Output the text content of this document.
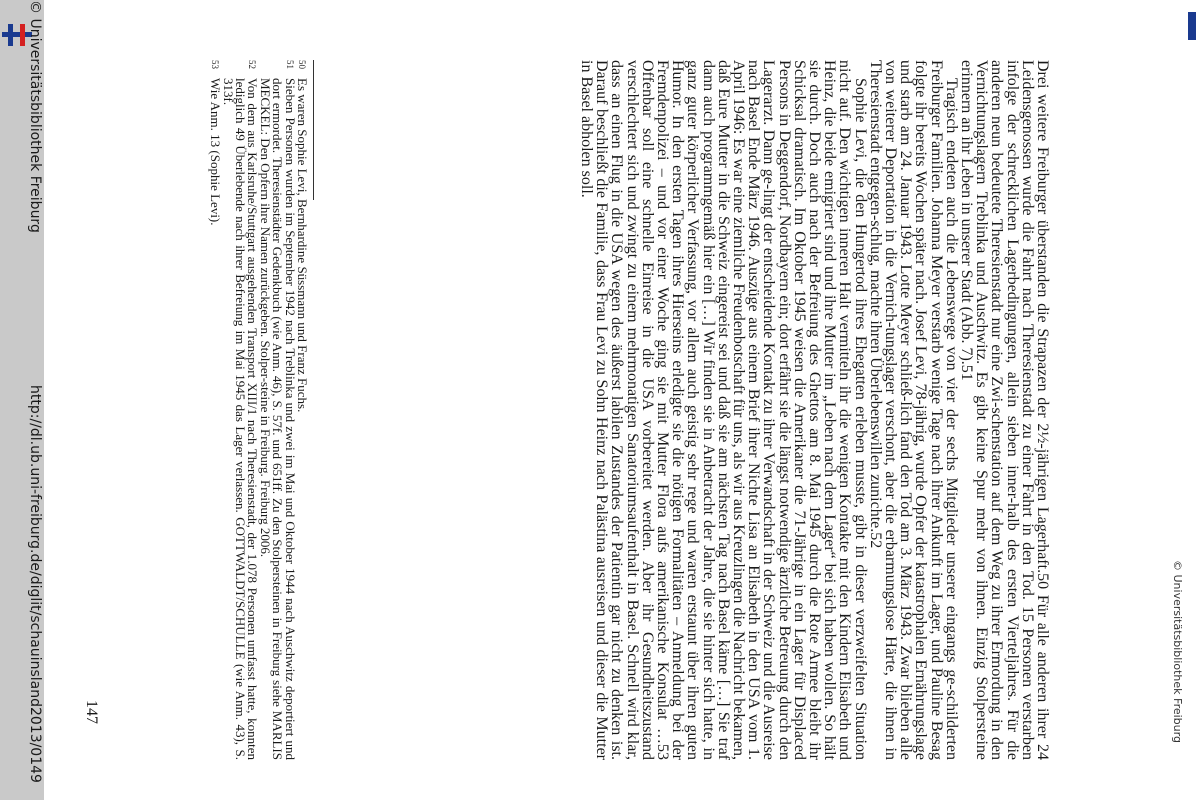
© Universitätsbibliothek Freiburg
http://dl.ub.uni-freiburg.de/diglit/schauinsland2013/0149	© Universitätsbibliothek Freiburg

Drei weitere Freiburger überstanden die Strapazen der 2½-jährigen Lagerhaft.50 Für alle anderen ihrer 24 Leidensgenossen wurde die Fahrt nach Theresienstadt zu einer Fahrt in den Tod. 15 Personen verstarben infolge der schrecklichen Lagerbedingungen, allein sieben inner-halb des ersten Vierteljahres. Für die anderen neun bedeutete Theresienstadt nur eine Zwi-schenstation auf dem Weg zu ihrer Ermordung in den Vernichtungslagern Treblinka und Auschwitz. Es gibt keine Spur mehr von ihnen. Einzig Stolpersteine erinnern an ihr Leben in unserer Stadt (Abb. 7).51

Tragisch endeten auch die Lebenswege von vier der sechs Mitglieder unserer eingangs ge-schilderten Freiburger Familien. Johanna Meyer verstarb wenige Tage nach ihrer Ankunft im Lager, und Pauline Besag folgte ihr bereits Wochen später nach. Josef Levi, 78-jährig, wurde Opfer der katastrophalen Ernährungslage und starb am 24. Januar 1943. Lotte Meyer schließ-lich fand den Tod am 3. März 1943. Zwar blieben alle von weiterer Deportation in die Vernich-tungslager verschont, aber die erbarmungslose Härte, die ihnen in Theresienstadt entgegen-schlug, machte ihren Überlebenswillen zunichte.52

Sophie Levi, die den Hungertod ihres Ehegatten erleben musste, gibt in dieser verzweifelten Situation nicht auf. Den wichtigen inneren Halt vermitteln ihr die wenigen Kontakte mit den Kindern Elisabeth und Heinz, die beide emigriert sind und ihre Mutter im „Leben nach dem Lager“ bei sich haben wollen. So hält sie durch. Doch auch nach der Befreiung des Ghettos am 8. Mai 1945 durch die Rote Armee bleibt ihr Schicksal dramatisch. Im Oktober 1945 weisen die Amerikaner die 71-Jährige in ein Lager für Displaced Persons in Deggendorf, Nordbayern ein; dort erfährt sie die längst notwendige ärztliche Betreuung durch den Lagerarzt. Dann ge-lingt der entscheidende Kontakt zu ihrer Verwandschaft in der Schweiz und die Ausreise nach Basel Ende März 1946. Auszüge aus einem Brief ihrer Nichte Lisa an Elisabeth in den USA vom 1. April 1946: Es war eine ziemliche Freudenbotschaft für uns, als wir aus Kreuzlingen die Nachricht bekamen, daß Eure Mutter in die Schweiz eingereist sei und daß sie am nächsten Tag nach Basel käme […] Sie traf dann auch programmgemäß hier ein […] Wir finden sie in Anbetracht der Jahre, die sie hinter sich hatte, in ganz guter körperlicher Verfassung, vor allem auch geistig sehr rege und waren erstaunt über ihren guten Humor. In den ersten Tagen ihres Hierseins erledigte sie die nötigen Formalitäten – Anmeldung bei der Fremdenpolizei – und vor einer Woche ging sie mit Mutter Flora aufs amerikanische Konsulat …53 Offenbar soll eine schnelle Einreise in die USA vorbereitet werden. Aber ihr Gesundheitszustand verschlechtert sich und zwingt zu einem mehrmonatigen Sanatoriumsaufenthalt in Basel. Schnell wird klar, dass an einen Flug in die USA wegen des äußerst labilen Zustandes der Patientin gar nicht zu denken ist. Darauf beschließt die Familie, dass Frau Levi zu Sohn Heinz nach Palästina ausreisen und dieser die Mutter in Basel abholen soll.

50
Es waren Sophie Levi, Bernhardine Süssmann und Franz Fuchs.
51
Sieben Personen wurden im September 1942 nach Treblinka und zwei im Mai und Oktober 1944 nach Auschwitz deportiert und dort ermordet. Theresienstädter Gedenkbuch (wie Anm. 46), S. 57f. und 651ff. Zu den Stolpersteinen in Freiburg siehe MARLIS MECKEL: Den Opfern ihre Namen zurückgeben. Stolper-steine in Freiburg. Freiburg 2006.
52
Von dem aus Karlsruhe/Stuttgart ausgehenden Transport XIII/1 nach Theresienstadt, der 1.078 Personen umfasst hatte, konnten lediglich 49 Überlebende nach ihrer Befreiung im Mai 1945 das Lager verlassen. GOTTWALDT/SCHULLE (wie Anm. 43), S. 313f.
53
Wie Anm. 13 (Sophie Levi).
147
